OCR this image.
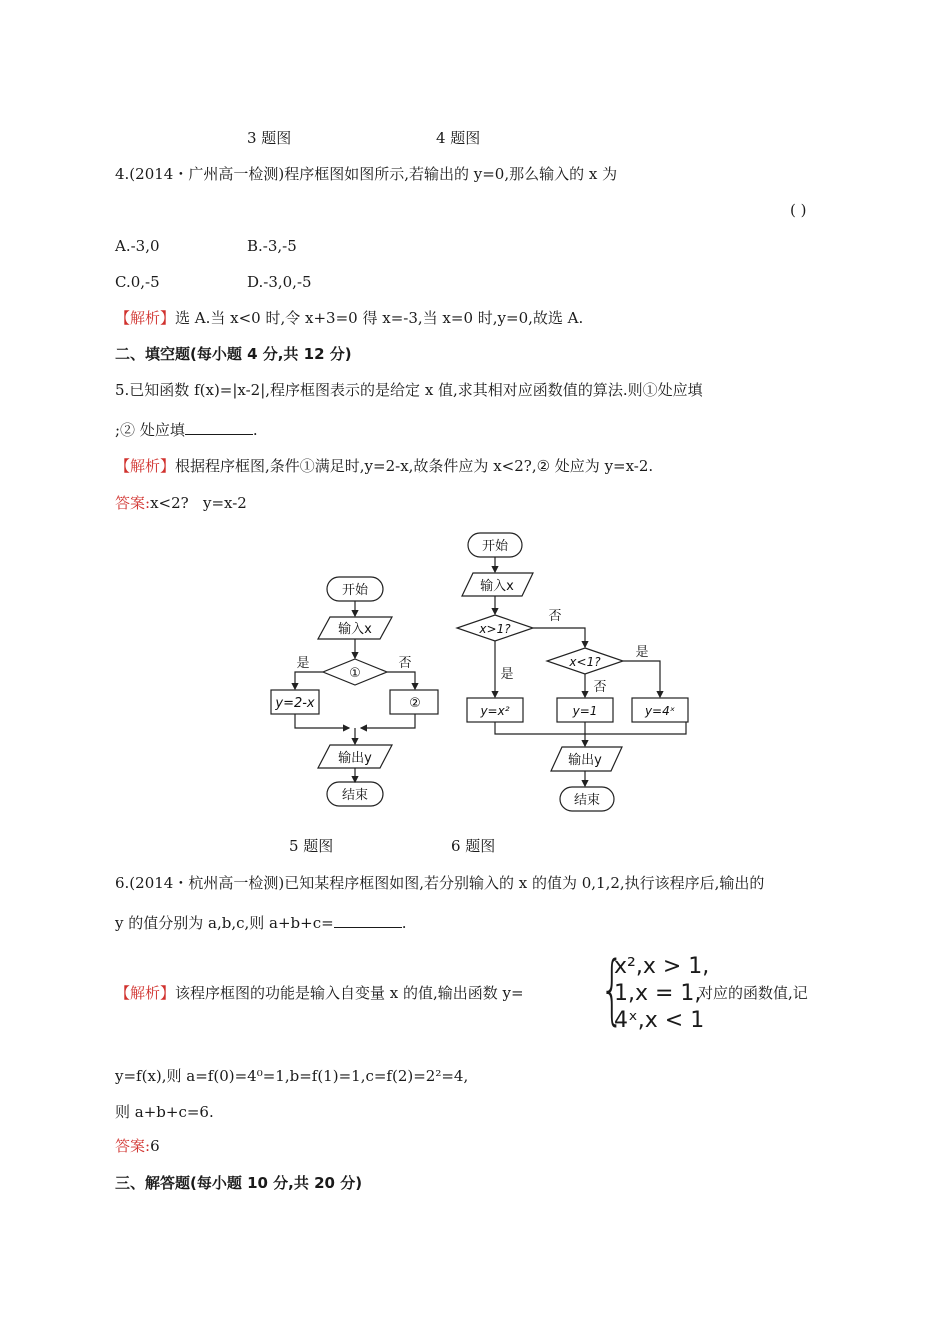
3 题图	4 题图
4.(2014・广州高一检测)程序框图如图所示,若输出的 y=0,那么输入的 x 为
( )
A.-3,0	B.-3,-5
C.0,-5	D.-3,0,-5
【解析】选 A.当 x<0 时,令 x+3=0 得 x=-3,当 x=0 时,y=0,故选 A.
二、填空题(每小题 4 分,共 12 分)
5.已知函数 f(x)=|x-2|,程序框图表示的是给定 x 值,求其相对应函数值的算法.则①处应填
;② 处应填	.
【解析】根据程序框图,条件①满足时,y=2-x,故条件应为 x<2?,② 处应为 y=x-2.
答案:x<2?   y=x-2
开始
输入x
①
是	否
y=2-x	②
输出y
结束
开始
输入x
x>1?
否
是
x<1?
是
否
y=x²	y=1	y=4ˣ
输出y
结束
5 题图	6 题图
6.(2014・杭州高一检测)已知某程序框图如图,若分别输入的 x 的值为 0,1,2,执行该程序后,输出的
y 的值分别为 a,b,c,则 a+b+c=	.
【解析】该程序框图的功能是输入自变量 x 的值,输出函数 y= {
x²,x > 1,
1,x = 1,
4ˣ,x < 1
对应的函数值,记
y=f(x),则 a=f(0)=4⁰=1,b=f(1)=1,c=f(2)=2²=4,
则 a+b+c=6.
答案:6
三、解答题(每小题 10 分,共 20 分)
